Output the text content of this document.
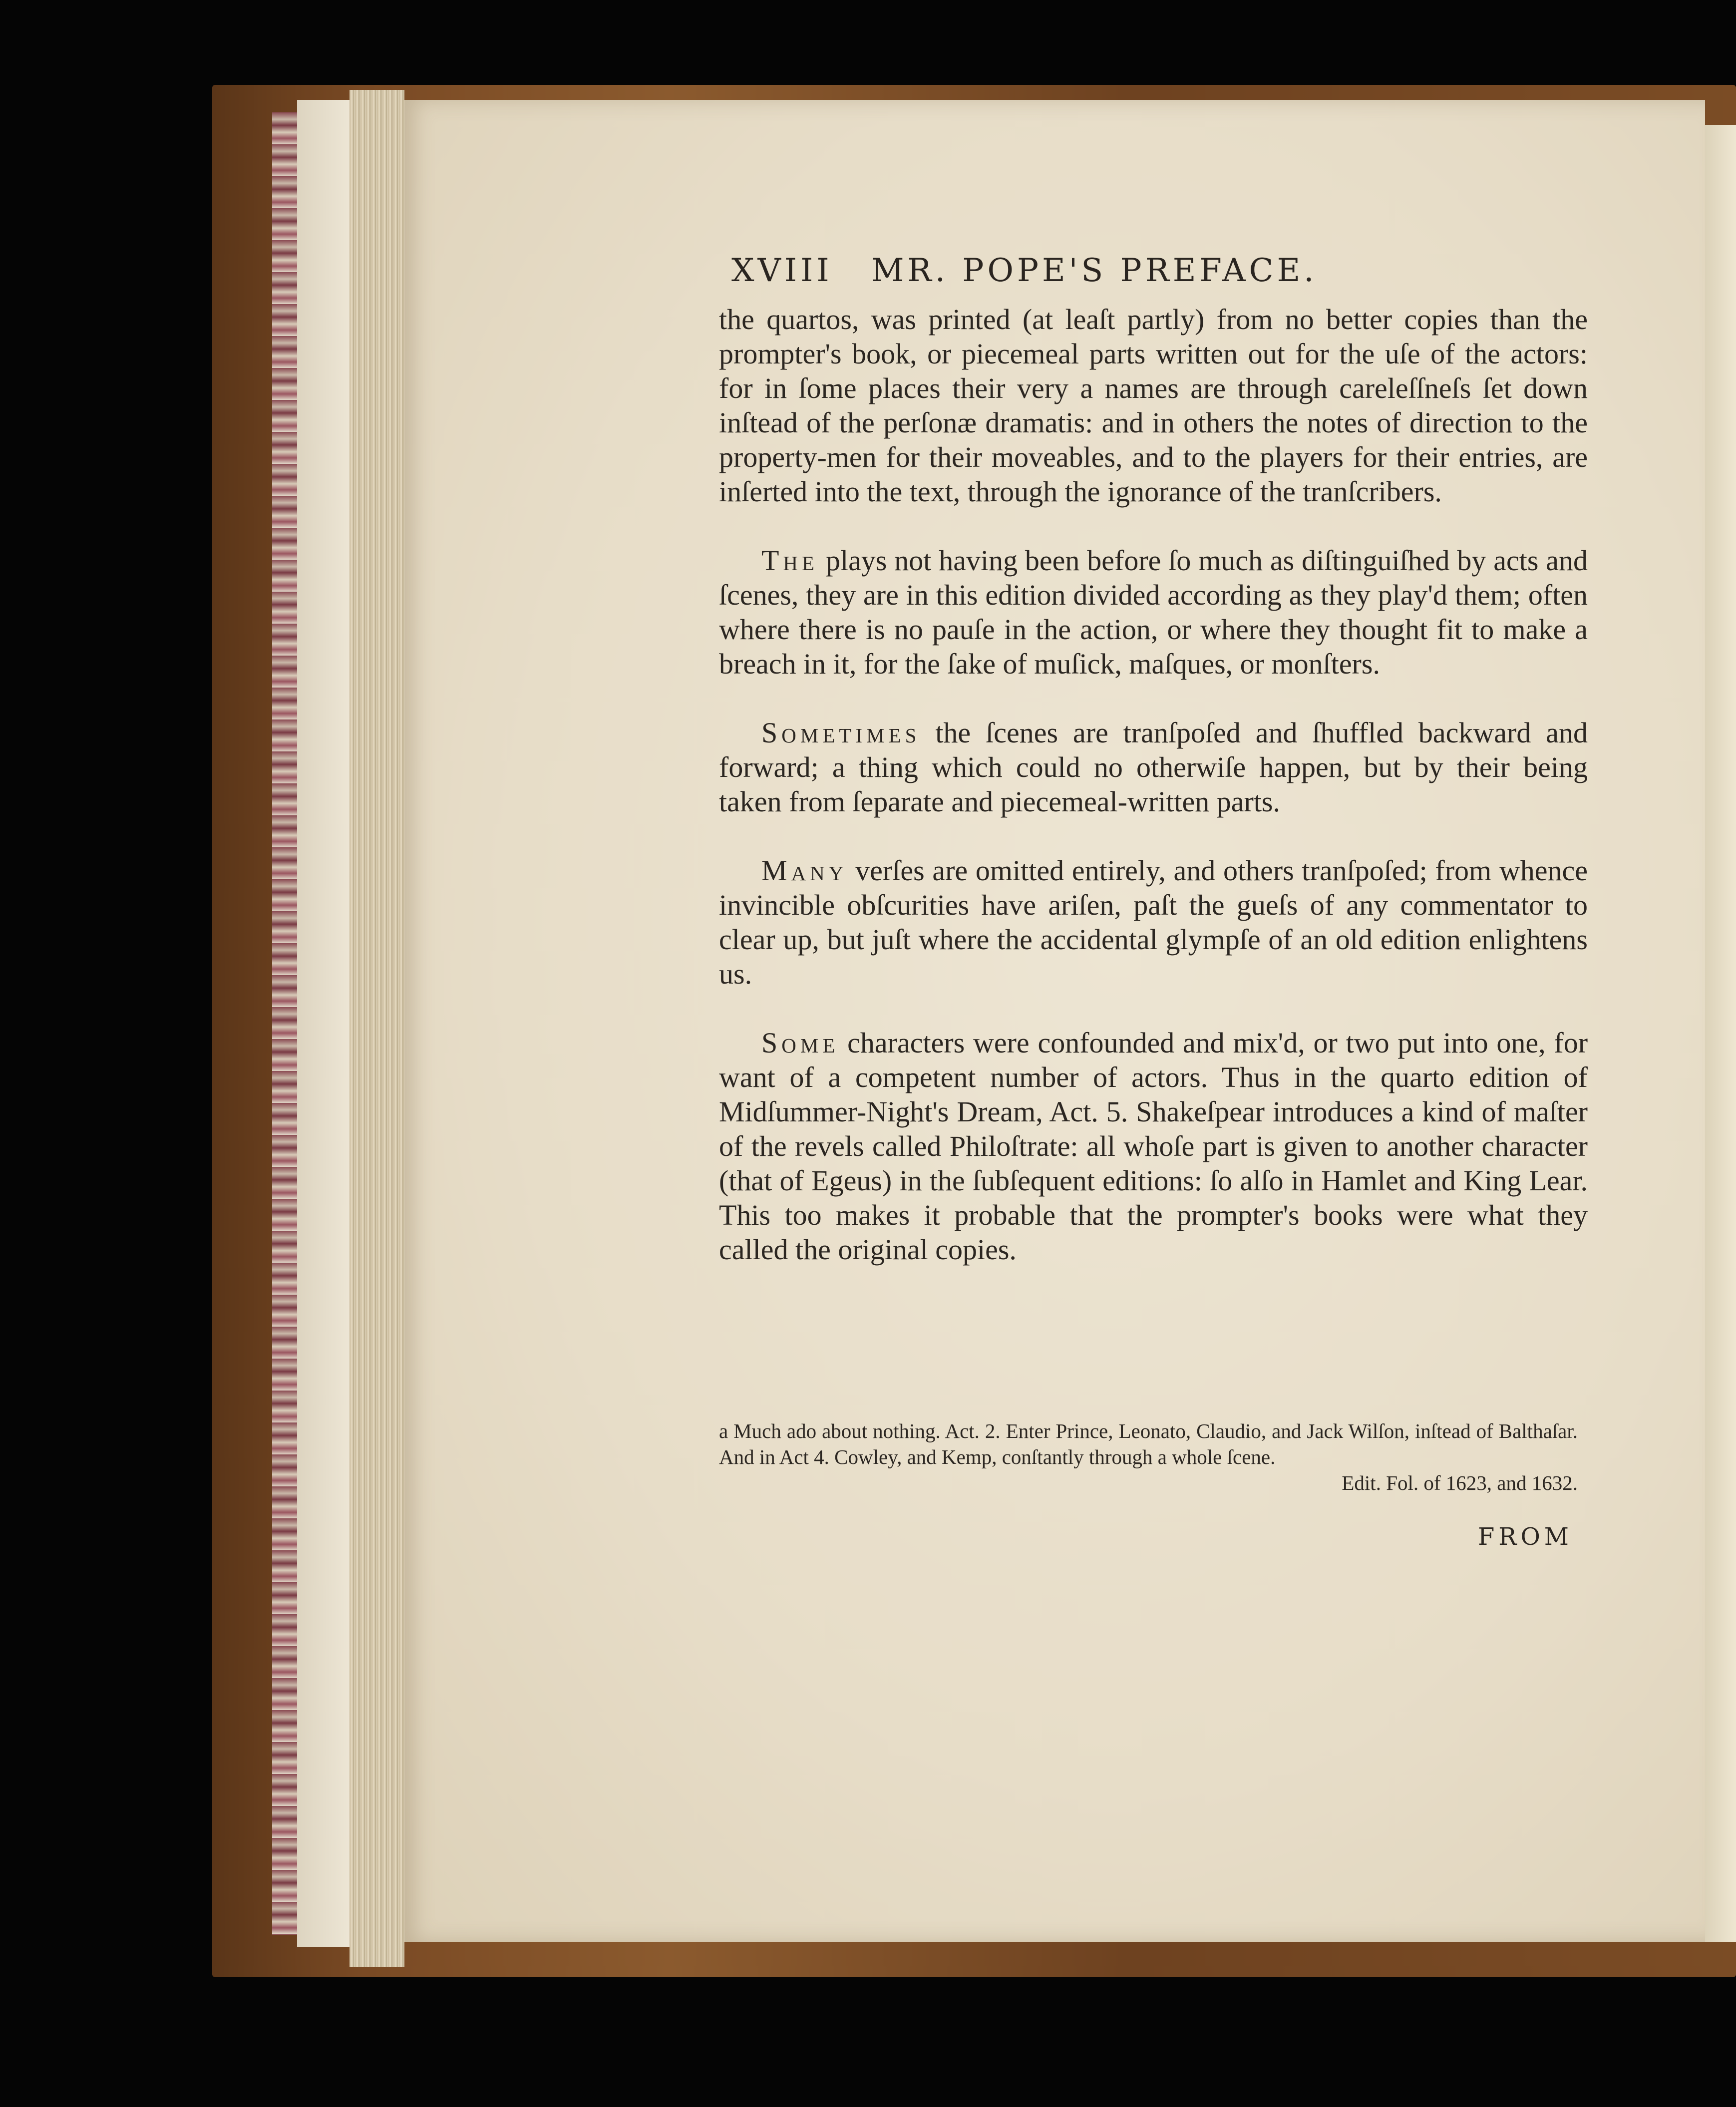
XVIII MR. POPE'S PREFACE.

the quartos, was printed (at leaſt partly) from no better copies than the prompter's book, or piecemeal parts written out for the uſe of the actors: for in ſome places their very a names are through careleſſneſs ſet down inſtead of the perſonæ dramatis: and in others the notes of direction to the property-men for their moveables, and to the players for their entries, are inſerted into the text, through the ignorance of the tranſcribers.

The plays not having been before ſo much as diſtinguiſhed by acts and ſcenes, they are in this edition divided according as they play'd them; often where there is no pauſe in the action, or where they thought fit to make a breach in it, for the ſake of muſick, maſques, or monſters.

Sometimes the ſcenes are tranſpoſed and ſhuffled backward and forward; a thing which could no otherwiſe happen, but by their being taken from ſeparate and piecemeal-written parts.

Many verſes are omitted entirely, and others tranſpoſed; from whence invincible obſcurities have ariſen, paſt the gueſs of any commentator to clear up, but juſt where the accidental glympſe of an old edition enlightens us.

Some characters were confounded and mix'd, or two put into one, for want of a competent number of actors. Thus in the quarto edition of Midſummer-Night's Dream, Act. 5. Shakeſpear introduces a kind of maſter of the revels called Philoſtrate: all whoſe part is given to another character (that of Egeus) in the ſubſequent editions: ſo alſo in Hamlet and King Lear. This too makes it probable that the prompter's books were what they called the original copies.

a Much ado about nothing. Act. 2. Enter Prince, Leonato, Claudio, and Jack Wilſon, inſtead of Balthaſar. And in Act 4. Cowley, and Kemp, conſtantly through a whole ſcene.
Edit. Fol. of 1623, and 1632.
FROM
